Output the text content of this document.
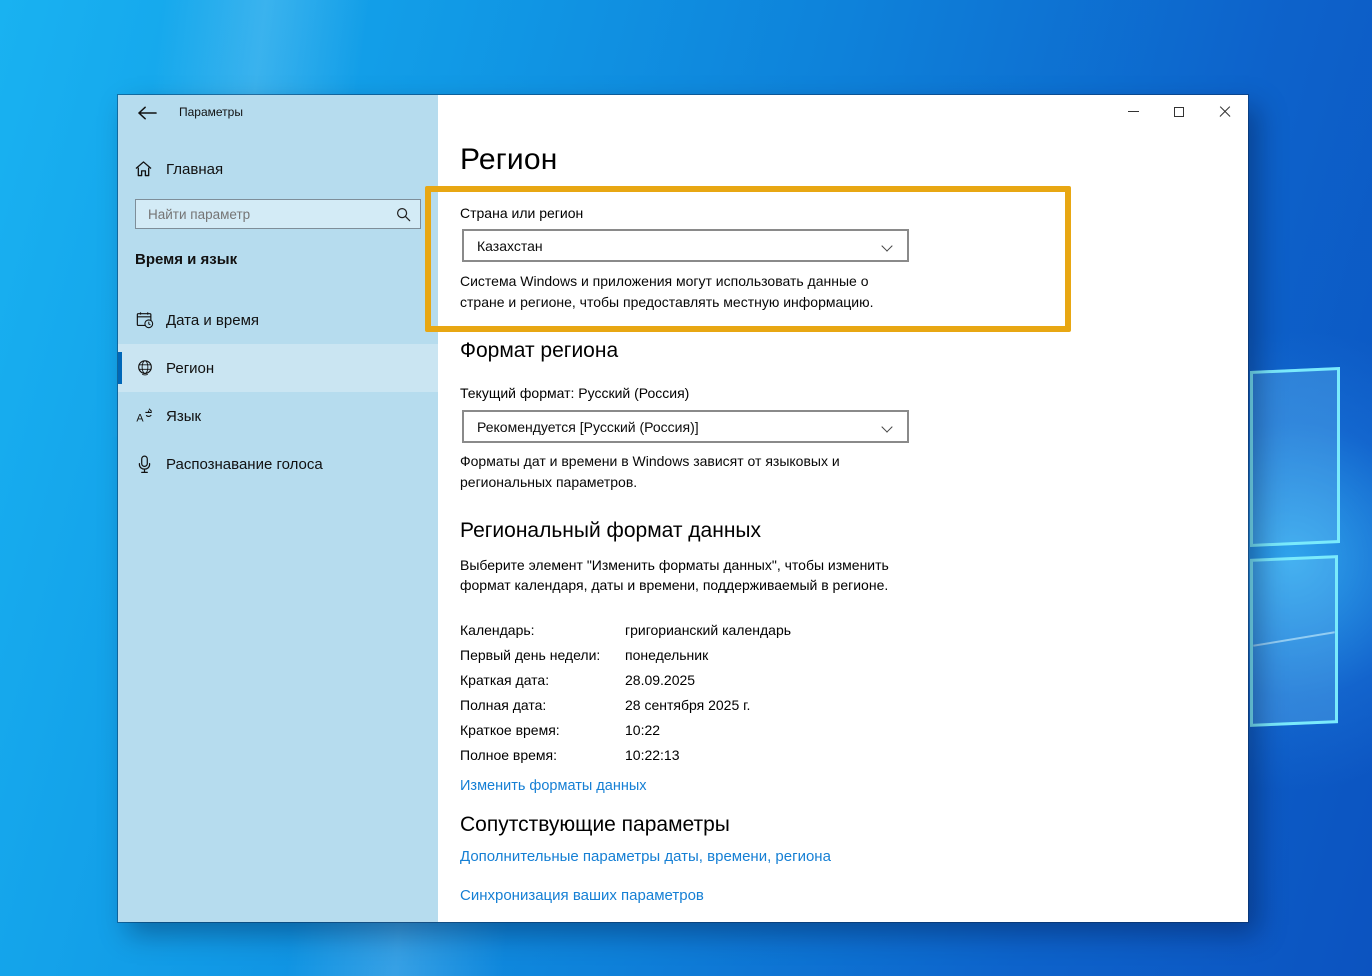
Параметры
Главная
Найти параметр
Время и язык
Дата и время
Регион
A Язык
Распознавание голоса
Регион
Страна или регион
Казахстан
Система Windows и приложения могут использовать данные о стране и регионе, чтобы предоставлять местную информацию.
Формат региона
Текущий формат: Русский (Россия)
Рекомендуется [Русский (Россия)]
Форматы дат и времени в Windows зависят от языковых и региональных параметров.
Региональный формат данных
Выберите элемент "Изменить форматы данных", чтобы изменить формат календаря, даты и времени, поддерживаемый в регионе.
Календарь:	григорианский календарь
Первый день недели:	понедельник
Краткая дата:	28.09.2025
Полная дата:	28 сентября 2025 г.
Краткое время:	10:22
Полное время:	10:22:13
Изменить форматы данных
Сопутствующие параметры
Дополнительные параметры даты, времени, региона
Синхронизация ваших параметров
